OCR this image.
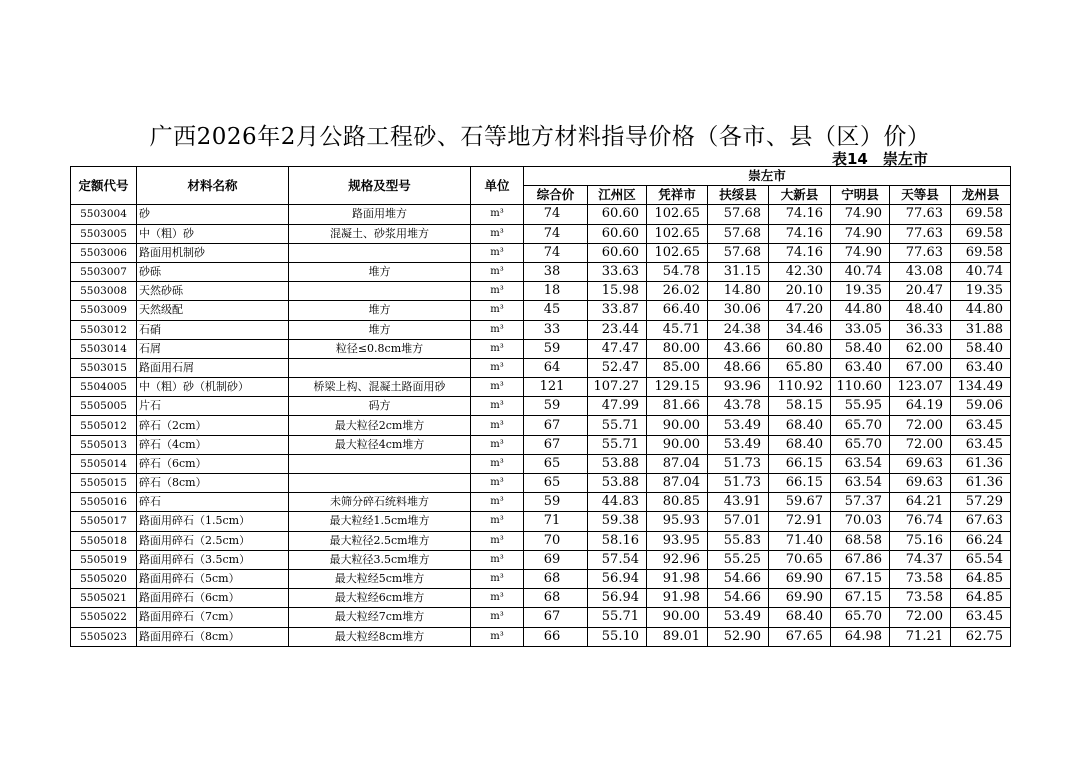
广西2026年2月公路工程砂、石等地方材料指导价格（各市、县（区）价）
表14　崇左市
定额代号	材料名称	规格及型号	单位	崇左市							
				综合价	江州区	凭祥市	扶绥县	大新县	宁明县	天等县	龙州县
5503004	砂	路面用堆方	m³	74	60.60	102.65	57.68	74.16	74.90	77.63	69.58
5503005	中（粗）砂	混凝土、砂浆用堆方	m³	74	60.60	102.65	57.68	74.16	74.90	77.63	69.58
5503006	路面用机制砂		m³	74	60.60	102.65	57.68	74.16	74.90	77.63	69.58
5503007	砂砾	堆方	m³	38	33.63	54.78	31.15	42.30	40.74	43.08	40.74
5503008	天然砂砾		m³	18	15.98	26.02	14.80	20.10	19.35	20.47	19.35
5503009	天然级配	堆方	m³	45	33.87	66.40	30.06	47.20	44.80	48.40	44.80
5503012	石硝	堆方	m³	33	23.44	45.71	24.38	34.46	33.05	36.33	31.88
5503014	石屑	粒径≤0.8cm堆方	m³	59	47.47	80.00	43.66	60.80	58.40	62.00	58.40
5503015	路面用石屑		m³	64	52.47	85.00	48.66	65.80	63.40	67.00	63.40
5504005	中（粗）砂（机制砂）	桥梁上构、混凝土路面用砂	m³	121	107.27	129.15	93.96	110.92	110.60	123.07	134.49
5505005	片石	码方	m³	59	47.99	81.66	43.78	58.15	55.95	64.19	59.06
5505012	碎石（2cm）	最大粒径2cm堆方	m³	67	55.71	90.00	53.49	68.40	65.70	72.00	63.45
5505013	碎石（4cm）	最大粒径4cm堆方	m³	67	55.71	90.00	53.49	68.40	65.70	72.00	63.45
5505014	碎石（6cm）		m³	65	53.88	87.04	51.73	66.15	63.54	69.63	61.36
5505015	碎石（8cm）		m³	65	53.88	87.04	51.73	66.15	63.54	69.63	61.36
5505016	碎石	未筛分碎石统料堆方	m³	59	44.83	80.85	43.91	59.67	57.37	64.21	57.29
5505017	路面用碎石（1.5cm）	最大粒经1.5cm堆方	m³	71	59.38	95.93	57.01	72.91	70.03	76.74	67.63
5505018	路面用碎石（2.5cm）	最大粒径2.5cm堆方	m³	70	58.16	93.95	55.83	71.40	68.58	75.16	66.24
5505019	路面用碎石（3.5cm）	最大粒径3.5cm堆方	m³	69	57.54	92.96	55.25	70.65	67.86	74.37	65.54
5505020	路面用碎石（5cm）	最大粒经5cm堆方	m³	68	56.94	91.98	54.66	69.90	67.15	73.58	64.85
5505021	路面用碎石（6cm）	最大粒经6cm堆方	m³	68	56.94	91.98	54.66	69.90	67.15	73.58	64.85
5505022	路面用碎石（7cm）	最大粒经7cm堆方	m³	67	55.71	90.00	53.49	68.40	65.70	72.00	63.45
5505023	路面用碎石（8cm）	最大粒经8cm堆方	m³	66	55.10	89.01	52.90	67.65	64.98	71.21	62.75
